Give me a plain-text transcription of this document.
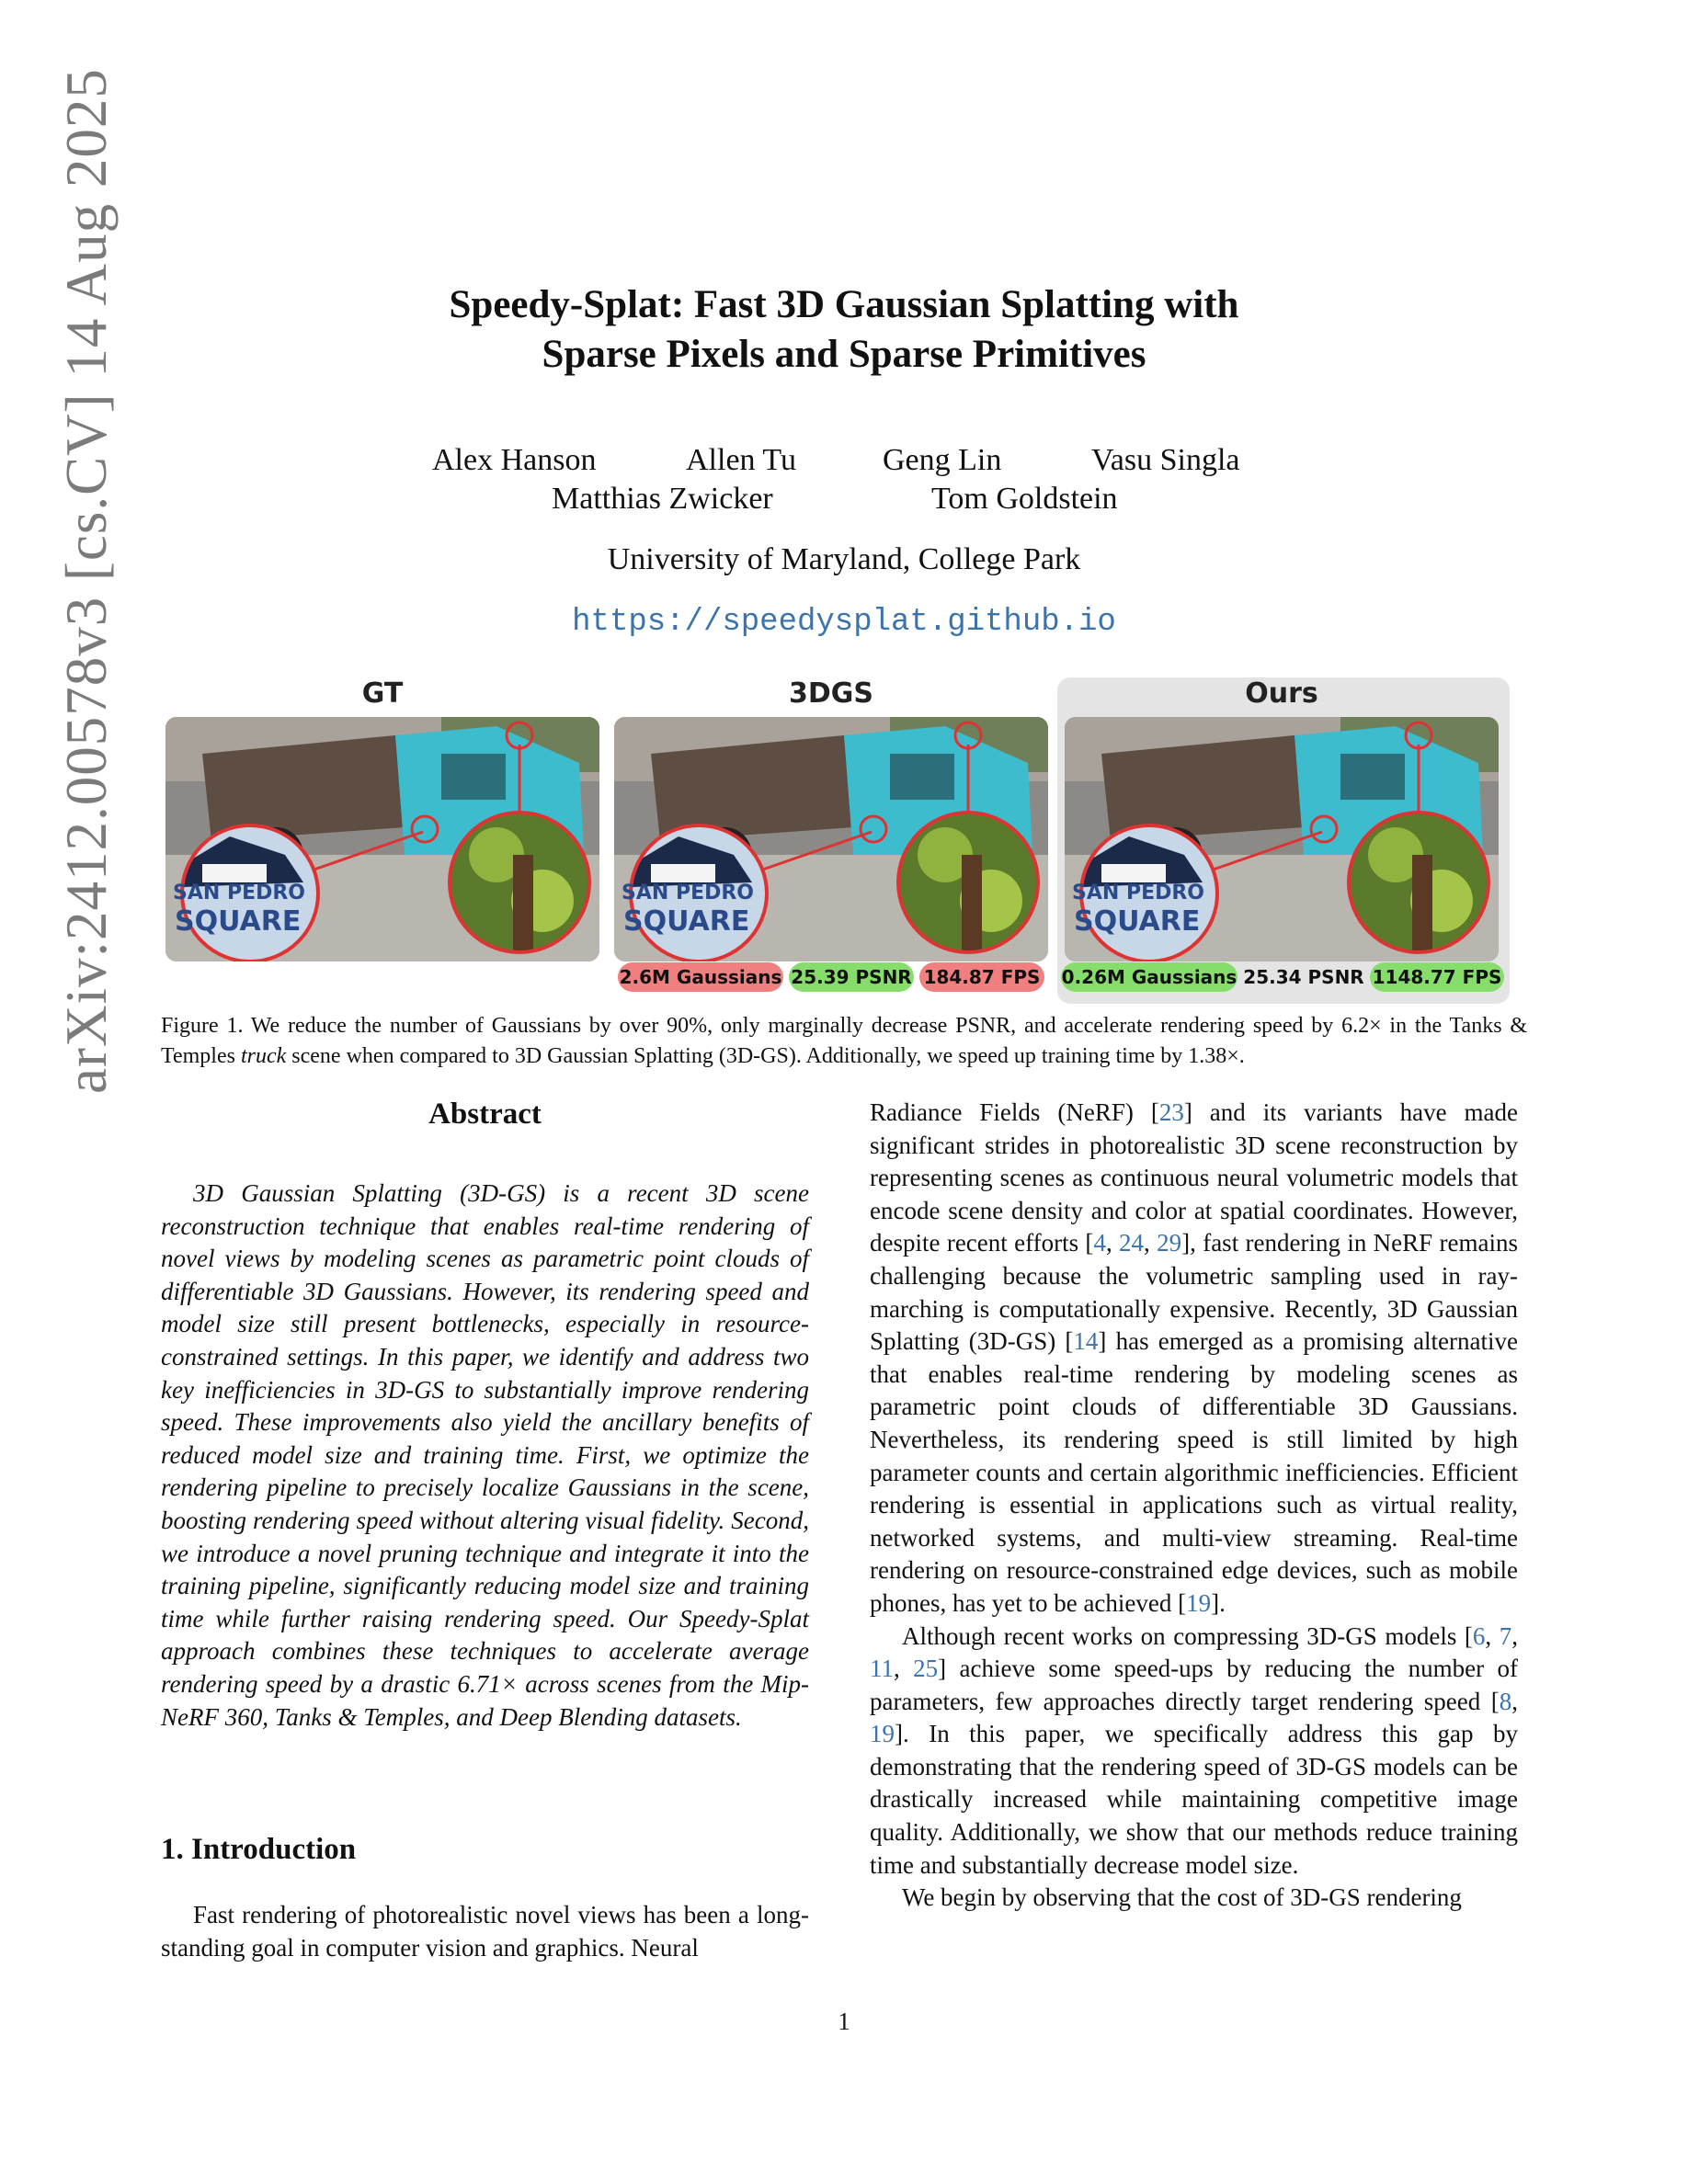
arXiv:2412.00578v3 [cs.CV] 14 Aug 2025	Speedy-Splat: Fast 3D Gaussian Splatting with
Sparse Pixels and Sparse Primitives
Alex Hanson	Allen Tu	Geng Lin	Vasu Singla
Matthias Zwicker	Tom Goldstein
University of Maryland, College Park
https://speedysplat.github.io
GT	3DGS	Ours
SAN PEDRO
SQUARE
SAN PEDRO
SQUARE
SAN PEDRO
SQUARE
2.6M Gaussians 25.39 PSNR 184.87 FPS 0.26M Gaussians 25.34 PSNR 1148.77 FPS
Figure 1. We reduce the number of Gaussians by over 90%, only marginally decrease PSNR, and accelerate rendering speed by 6.2× in the Tanks & Temples truck scene when compared to 3D Gaussian Splatting (3D-GS). Additionally, we speed up training time by 1.38×.
Abstract

3D Gaussian Splatting (3D-GS) is a recent 3D scene reconstruction technique that enables real-time rendering of novel views by modeling scenes as parametric point clouds of differentiable 3D Gaussians. However, its rendering speed and model size still present bottlenecks, especially in resource-constrained settings. In this paper, we identify and address two key inefficiencies in 3D-GS to substantially improve rendering speed. These improvements also yield the ancillary benefits of reduced model size and training time. First, we optimize the rendering pipeline to precisely localize Gaussians in the scene, boosting rendering speed without altering visual fidelity. Second, we introduce a novel pruning technique and integrate it into the training pipeline, significantly reducing model size and training time while further raising rendering speed. Our Speedy-Splat approach combines these techniques to accelerate average rendering speed by a drastic 6.71× across scenes from the Mip-NeRF 360, Tanks & Temples, and Deep Blending datasets.

1. Introduction

Fast rendering of photorealistic novel views has been a long-standing goal in computer vision and graphics. Neural

Radiance Fields (NeRF) [23] and its variants have made significant strides in photorealistic 3D scene reconstruction by representing scenes as continuous neural volumetric models that encode scene density and color at spatial coordinates. However, despite recent efforts [4, 24, 29], fast rendering in NeRF remains challenging because the volumetric sampling used in ray-marching is computationally expensive. Recently, 3D Gaussian Splatting (3D-GS) [14] has emerged as a promising alternative that enables real-time rendering by modeling scenes as parametric point clouds of differentiable 3D Gaussians. Nevertheless, its rendering speed is still limited by high parameter counts and certain algorithmic inefficiencies. Efficient rendering is essential in applications such as virtual reality, networked systems, and multi-view streaming. Real-time rendering on resource-constrained edge devices, such as mobile phones, has yet to be achieved [19].

Although recent works on compressing 3D-GS models [6, 7, 11, 25] achieve some speed-ups by reducing the number of parameters, few approaches directly target rendering speed [8, 19]. In this paper, we specifically address this gap by demonstrating that the rendering speed of 3D-GS models can be drastically increased while maintaining competitive image quality. Additionally, we show that our methods reduce training time and substantially decrease model size.

We begin by observing that the cost of 3D-GS rendering

1
